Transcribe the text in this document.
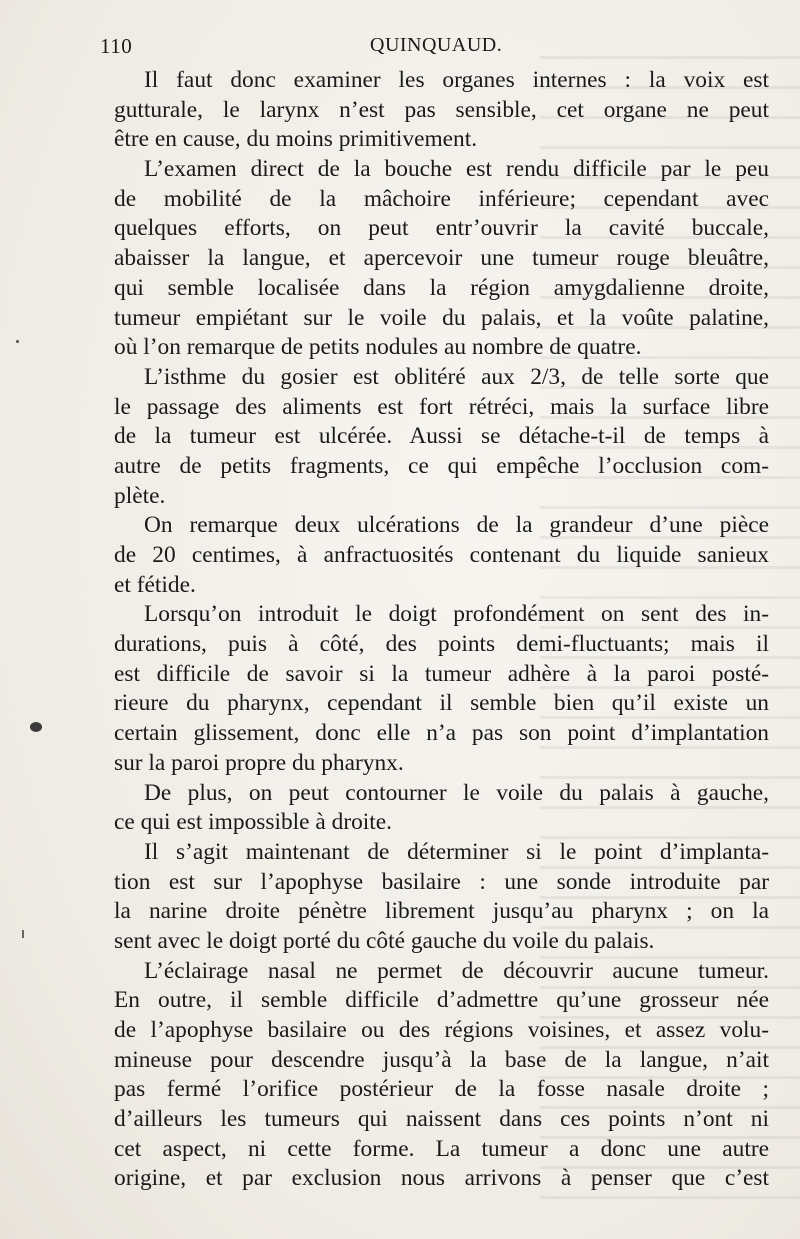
110	QUINQUAUD.
Il faut donc examiner les organes internes : la voix est
gutturale, le larynx n’est pas sensible, cet organe ne peut
être en cause, du moins primitivement.
L’examen direct de la bouche est rendu difficile par le peu
de mobilité de la mâchoire inférieure; cependant avec
quelques efforts, on peut entr’ouvrir la cavité buccale,
abaisser la langue, et apercevoir une tumeur rouge bleuâtre,
qui semble localisée dans la région amygdalienne droite,
tumeur empiétant sur le voile du palais, et la voûte palatine,
où l’on remarque de petits nodules au nombre de quatre.
L’isthme du gosier est oblitéré aux 2/3, de telle sorte que
le passage des aliments est fort rétréci, mais la surface libre
de la tumeur est ulcérée. Aussi se détache-t-il de temps à
autre de petits fragments, ce qui empêche l’occlusion com-
plète.
On remarque deux ulcérations de la grandeur d’une pièce
de 20 centimes, à anfractuosités contenant du liquide sanieux
et fétide.
Lorsqu’on introduit le doigt profondément on sent des in-
durations, puis à côté, des points demi-fluctuants; mais il
est difficile de savoir si la tumeur adhère à la paroi posté-
rieure du pharynx, cependant il semble bien qu’il existe un
certain glissement, donc elle n’a pas son point d’implantation
sur la paroi propre du pharynx.
De plus, on peut contourner le voile du palais à gauche,
ce qui est impossible à droite.
Il s’agit maintenant de déterminer si le point d’implanta-
tion est sur l’apophyse basilaire : une sonde introduite par
la narine droite pénètre librement jusqu’au pharynx ; on la
sent avec le doigt porté du côté gauche du voile du palais.
L’éclairage nasal ne permet de découvrir aucune tumeur.
En outre, il semble difficile d’admettre qu’une grosseur née
de l’apophyse basilaire ou des régions voisines, et assez volu-
mineuse pour descendre jusqu’à la base de la langue, n’ait
pas fermé l’orifice postérieur de la fosse nasale droite ;
d’ailleurs les tumeurs qui naissent dans ces points n’ont ni
cet aspect, ni cette forme. La tumeur a donc une autre
origine, et par exclusion nous arrivons à penser que c’est
